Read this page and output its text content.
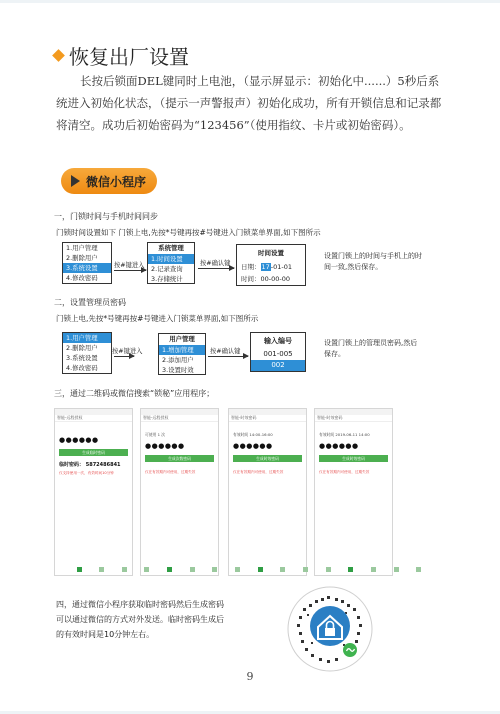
恢复出厂设置

长按后锁面DEL键同时上电池，（显示屏显示：初始化中......）5秒后系统进入初始化状态，（提示一声警报声）初始化成功，所有开锁信息和记录都将清空。成功后初始密码为“123456”（使用指纹、卡片或初始密码）。

微信小程序
一，门锁时间与手机时间同步
门锁时间设置如下 门锁上电,先按*号键再按#号键进入门锁菜单界面,如下图所示
1.用户管理
2.删除用户
3.系统设置
4.修改密码
按#键进入
系统管理
1.时间设置
2.记录查询
3.存储统计
按#确认键
时间设置
日期：17-01-01
时间：00-00-00
设置门锁上的时间与手机上的时间一致,然后保存。
二，设置管理员密码
门锁上电,先按*号键再按#号键进入门锁菜单界面,如下图所示
1.用户管理
2.删除用户
3.系统设置
4.修改密码
按#键进入
用户管理
1.增加管理
2.添加用户
3.设置时效
按#确认键
输入编号
001-005
002
设置门锁上的管理员密码,然后保存。
三，通过二维码或微信搜索“锁秘”应用程序；
智能-远程授权
●●●●●●
生成临时密码
临时密码： 5872486841
仅支持使用一次，有效时间10分钟
智能-远程授权
可使用 1 次
●●●●●●
生成次数密码
仅在有效期内可使用，过期失效
智能-时效密码
有效时间 14:00-16:00
●●●●●●
生成时效密码
仅在有效期内可使用，过期失效
智能-时效密码
有效时间 2019-06-11 14:00
●●●●●●
生成时效密码
仅在有效期内可使用，过期失效
四，通过微信小程序获取临时密码然后生成密码可以通过微信的方式对外发送。临时密码生成后的有效时间是10分钟左右。
9
